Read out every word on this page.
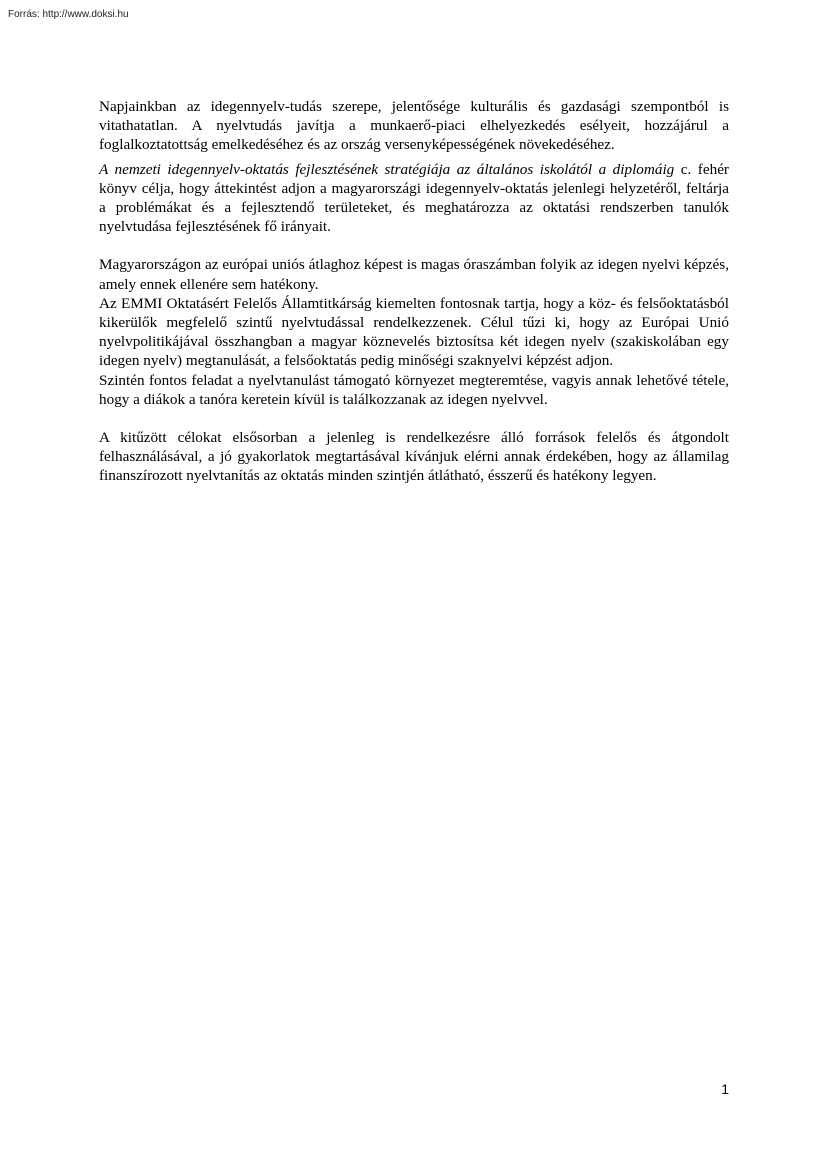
Forrás: http://www.doksi.hu

Napjainkban az idegennyelv-tudás szerepe, jelentősége kulturális és gazdasági szempontból is vitathatatlan. A nyelvtudás javítja a munkaerő-piaci elhelyezkedés esélyeit, hozzájárul a foglalkoztatottság emelkedéséhez és az ország versenyképességének növekedéséhez.

A nemzeti idegennyelv-oktatás fejlesztésének stratégiája az általános iskolától a diplomáig c. fehér könyv célja, hogy áttekintést adjon a magyarországi idegennyelv-oktatás jelenlegi helyzetéről, feltárja a problémákat és a fejlesztendő területeket, és meghatározza az oktatási rendszerben tanulók nyelvtudása fejlesztésének fő irányait.

Magyarországon az európai uniós átlaghoz képest is magas óraszámban folyik az idegen nyelvi képzés, amely ennek ellenére sem hatékony.

Az EMMI Oktatásért Felelős Államtitkárság kiemelten fontosnak tartja, hogy a köz- és felsőoktatásból kikerülők megfelelő szintű nyelvtudással rendelkezzenek. Célul tűzi ki, hogy az Európai Unió nyelvpolitikájával összhangban a magyar köznevelés biztosítsa két idegen nyelv (szakiskolában egy idegen nyelv) megtanulását, a felsőoktatás pedig minőségi szaknyelvi képzést adjon.

Szintén fontos feladat a nyelvtanulást támogató környezet megteremtése, vagyis annak lehetővé tétele, hogy a diákok a tanóra keretein kívül is találkozzanak az idegen nyelvvel.

A kitűzött célokat elsősorban a jelenleg is rendelkezésre álló források felelős és átgondolt felhasználásával, a jó gyakorlatok megtartásával kívánjuk elérni annak érdekében, hogy az államilag finanszírozott nyelvtanítás az oktatás minden szintjén átlátható, ésszerű és hatékony legyen.

1
